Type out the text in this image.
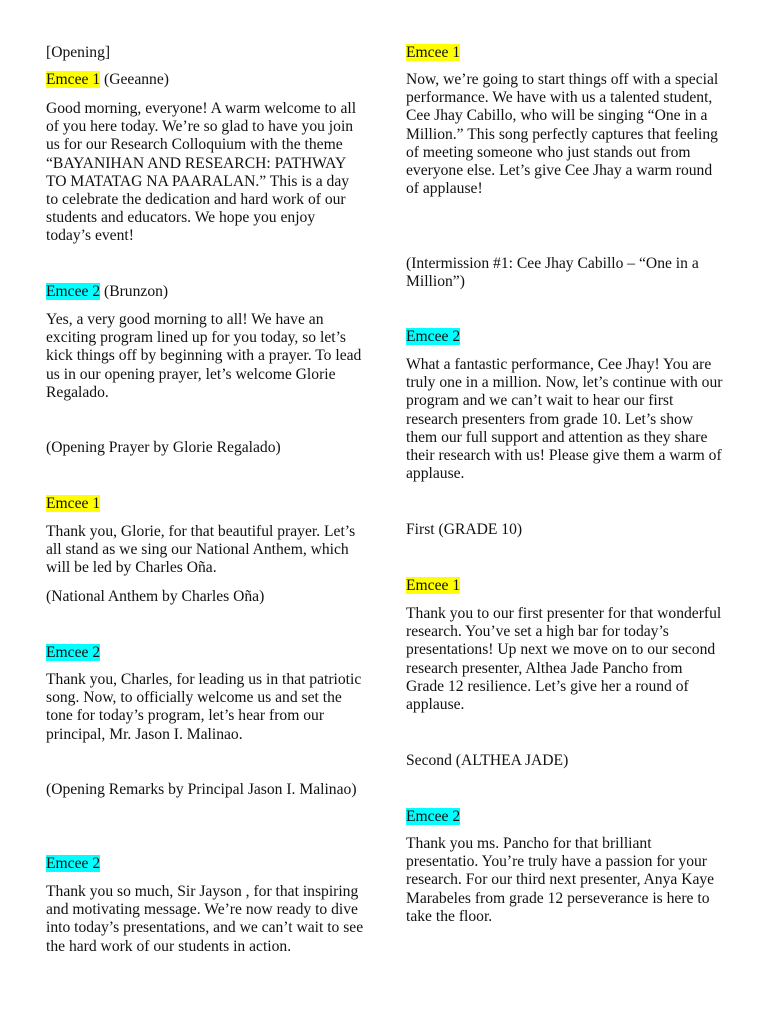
[Opening]

Emcee 1 (Geeanne)

Good morning, everyone! A warm welcome to all of you here today. We’re so glad to have you join us for our Research Colloquium with the theme “BAYANIHAN AND RESEARCH: PATHWAY TO MATATAG NA PAARALAN.” This is a day to celebrate the dedication and hard work of our students and educators. We hope you enjoy today’s event!

Emcee 2 (Brunzon)

Yes, a very good morning to all! We have an exciting program lined up for you today, so let’s kick things off by beginning with a prayer. To lead us in our opening prayer, let’s welcome Glorie Regalado.

(Opening Prayer by Glorie Regalado)

Emcee 1

Thank you, Glorie, for that beautiful prayer. Let’s all stand as we sing our National Anthem, which will be led by Charles Oña.

(National Anthem by Charles Oña)

Emcee 2

Thank you, Charles, for leading us in that patriotic song. Now, to officially welcome us and set the tone for today’s program, let’s hear from our principal, Mr. Jason I. Malinao.

(Opening Remarks by Principal Jason I. Malinao)

Emcee 2

Thank you so much, Sir Jayson , for that inspiring and motivating message. We’re now ready to dive into today’s presentations, and we can’t wait to see the hard work of our students in action.

Emcee 1

Now, we’re going to start things off with a special performance. We have with us a talented student, Cee Jhay Cabillo, who will be singing “One in a Million.” This song perfectly captures that feeling of meeting someone who just stands out from everyone else. Let’s give Cee Jhay a warm round of applause!

(Intermission #1: Cee Jhay Cabillo – “One in a Million”)

Emcee 2

What a fantastic performance, Cee Jhay! You are truly one in a million. Now, let’s continue with our program and we can’t wait to hear our first research presenters from grade 10. Let’s show them our full support and attention as they share their research with us! Please give them a warm of applause.

First (GRADE 10)

Emcee 1

Thank you to our first presenter for that wonderful research. You’ve set a high bar for today’s presentations! Up next we move on to our second research presenter, Althea Jade Pancho from Grade 12 resilience. Let’s give her a round of applause.

Second (ALTHEA JADE)

Emcee 2

Thank you ms. Pancho for that brilliant presentatio. You’re truly have a passion for your research. For our third next presenter, Anya Kaye Marabeles from grade 12 perseverance is here to take the floor.
